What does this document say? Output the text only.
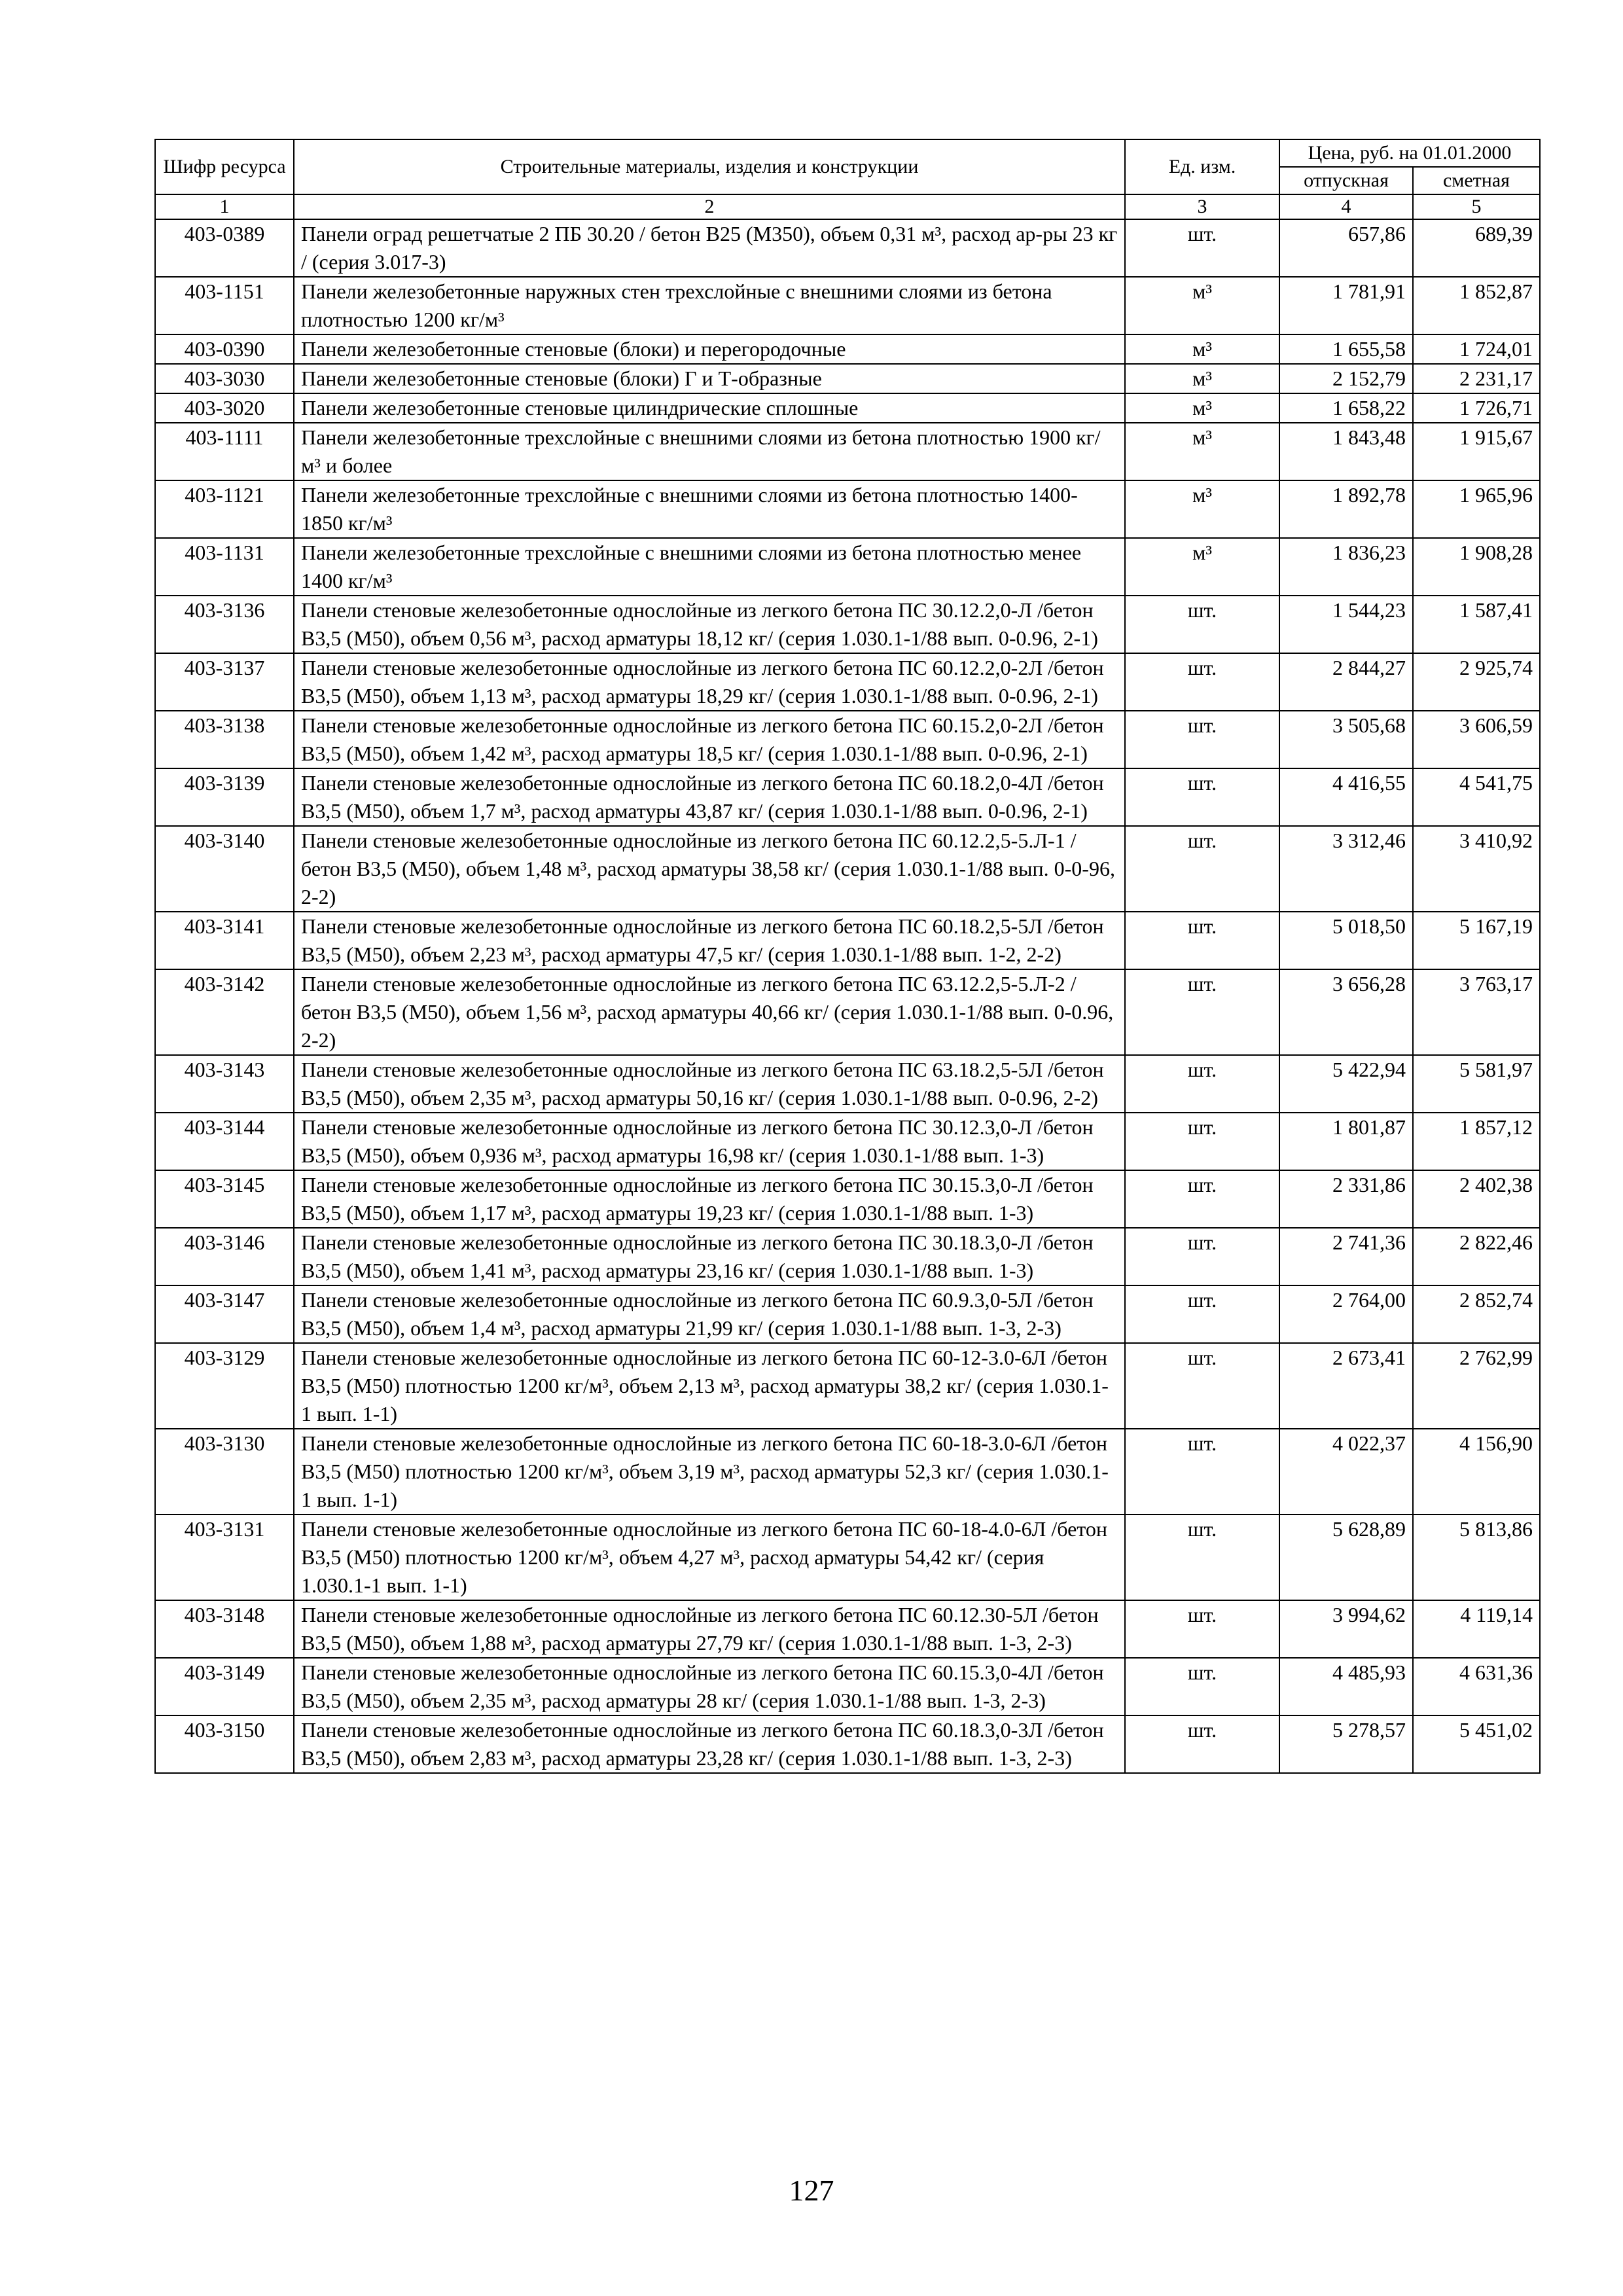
Шифр ресурса	Строительные материалы, изделия и конструкции	Ед. изм.	Цена, руб. на 01.01.2000	
			отпускная	сметная
1	2	3	4	5
403-0389	Панели оград решетчатые 2 ПБ 30.20 / бетон В25 (М350), объем 0,31 м³, расход ар-ры 23 кг / (серия 3.017-3)	шт.	657,86	689,39
403-1151	Панели железобетонные наружных стен трехслойные с внешними слоями из бетона плотностью 1200 кг/м³	м³	1 781,91	1 852,87
403-0390	Панели железобетонные стеновые (блоки) и перегородочные	м³	1 655,58	1 724,01
403-3030	Панели железобетонные стеновые (блоки) Г и Т-образные	м³	2 152,79	2 231,17
403-3020	Панели железобетонные стеновые цилиндрические сплошные	м³	1 658,22	1 726,71
403-1111	Панели железобетонные трехслойные с внешними слоями из бетона плотностью 1900 кг/м³ и более	м³	1 843,48	1 915,67
403-1121	Панели железобетонные трехслойные с внешними слоями из бетона плотностью 1400-1850 кг/м³	м³	1 892,78	1 965,96
403-1131	Панели железобетонные трехслойные с внешними слоями из бетона плотностью менее 1400 кг/м³	м³	1 836,23	1 908,28
403-3136	Панели стеновые железобетонные однослойные из легкого бетона ПС 30.12.2,0-Л /бетон В3,5 (М50), объем 0,56 м³, расход арматуры 18,12 кг/ (серия 1.030.1-1/88 вып. 0-0.96, 2-1)	шт.	1 544,23	1 587,41
403-3137	Панели стеновые железобетонные однослойные из легкого бетона ПС 60.12.2,0-2Л /бетон В3,5 (М50), объем 1,13 м³, расход арматуры 18,29 кг/ (серия 1.030.1-1/88 вып. 0-0.96, 2-1)	шт.	2 844,27	2 925,74
403-3138	Панели стеновые железобетонные однослойные из легкого бетона ПС 60.15.2,0-2Л /бетон В3,5 (М50), объем 1,42 м³, расход арматуры 18,5 кг/ (серия 1.030.1-1/88 вып. 0-0.96, 2-1)	шт.	3 505,68	3 606,59
403-3139	Панели стеновые железобетонные однослойные из легкого бетона ПС 60.18.2,0-4Л /бетон В3,5 (М50), объем 1,7 м³, расход арматуры 43,87 кг/ (серия 1.030.1-1/88 вып. 0-0.96, 2-1)	шт.	4 416,55	4 541,75
403-3140	Панели стеновые железобетонные однослойные из легкого бетона ПС 60.12.2,5-5.Л-1 /бетон В3,5 (М50), объем 1,48 м³, расход арматуры 38,58 кг/ (серия 1.030.1-1/88 вып. 0-0-96, 2-2)	шт.	3 312,46	3 410,92
403-3141	Панели стеновые железобетонные однослойные из легкого бетона ПС 60.18.2,5-5Л /бетон В3,5 (М50), объем 2,23 м³, расход арматуры 47,5 кг/ (серия 1.030.1-1/88 вып. 1-2, 2-2)	шт.	5 018,50	5 167,19
403-3142	Панели стеновые железобетонные однослойные из легкого бетона ПС 63.12.2,5-5.Л-2 /бетон В3,5 (М50), объем 1,56 м³, расход арматуры 40,66 кг/ (серия 1.030.1-1/88 вып. 0-0.96, 2-2)	шт.	3 656,28	3 763,17
403-3143	Панели стеновые железобетонные однослойные из легкого бетона ПС 63.18.2,5-5Л /бетон В3,5 (М50), объем 2,35 м³, расход арматуры 50,16 кг/ (серия 1.030.1-1/88 вып. 0-0.96, 2-2)	шт.	5 422,94	5 581,97
403-3144	Панели стеновые железобетонные однослойные из легкого бетона ПС 30.12.3,0-Л /бетон В3,5 (М50), объем 0,936 м³, расход арматуры 16,98 кг/ (серия 1.030.1-1/88 вып. 1-3)	шт.	1 801,87	1 857,12
403-3145	Панели стеновые железобетонные однослойные из легкого бетона ПС 30.15.3,0-Л /бетон В3,5 (М50), объем 1,17 м³, расход арматуры 19,23 кг/ (серия 1.030.1-1/88 вып. 1-3)	шт.	2 331,86	2 402,38
403-3146	Панели стеновые железобетонные однослойные из легкого бетона ПС 30.18.3,0-Л /бетон В3,5 (М50), объем 1,41 м³, расход арматуры 23,16 кг/ (серия 1.030.1-1/88 вып. 1-3)	шт.	2 741,36	2 822,46
403-3147	Панели стеновые железобетонные однослойные из легкого бетона ПС 60.9.3,0-5Л /бетон В3,5 (М50), объем 1,4 м³, расход арматуры 21,99 кг/ (серия 1.030.1-1/88 вып. 1-3, 2-3)	шт.	2 764,00	2 852,74
403-3129	Панели стеновые железобетонные однослойные из легкого бетона ПС 60-12-3.0-6Л /бетон В3,5 (М50) плотностью 1200 кг/м³, объем 2,13 м³, расход арматуры 38,2 кг/ (серия 1.030.1-1 вып. 1-1)	шт.	2 673,41	2 762,99
403-3130	Панели стеновые железобетонные однослойные из легкого бетона ПС 60-18-3.0-6Л /бетон В3,5 (М50) плотностью 1200 кг/м³, объем 3,19 м³, расход арматуры 52,3 кг/ (серия 1.030.1-1 вып. 1-1)	шт.	4 022,37	4 156,90
403-3131	Панели стеновые железобетонные однослойные из легкого бетона ПС 60-18-4.0-6Л /бетон В3,5 (М50) плотностью 1200 кг/м³, объем 4,27 м³, расход арматуры 54,42 кг/ (серия 1.030.1-1 вып. 1-1)	шт.	5 628,89	5 813,86
403-3148	Панели стеновые железобетонные однослойные из легкого бетона ПС 60.12.30-5Л /бетон В3,5 (М50), объем 1,88 м³, расход арматуры 27,79 кг/ (серия 1.030.1-1/88 вып. 1-3, 2-3)	шт.	3 994,62	4 119,14
403-3149	Панели стеновые железобетонные однослойные из легкого бетона ПС 60.15.3,0-4Л /бетон В3,5 (М50), объем 2,35 м³, расход арматуры 28 кг/ (серия 1.030.1-1/88 вып. 1-3, 2-3)	шт.	4 485,93	4 631,36
403-3150	Панели стеновые железобетонные однослойные из легкого бетона ПС 60.18.3,0-3Л /бетон В3,5 (М50), объем 2,83 м³, расход арматуры 23,28 кг/ (серия 1.030.1-1/88 вып. 1-3, 2-3)	шт.	5 278,57	5 451,02
127
